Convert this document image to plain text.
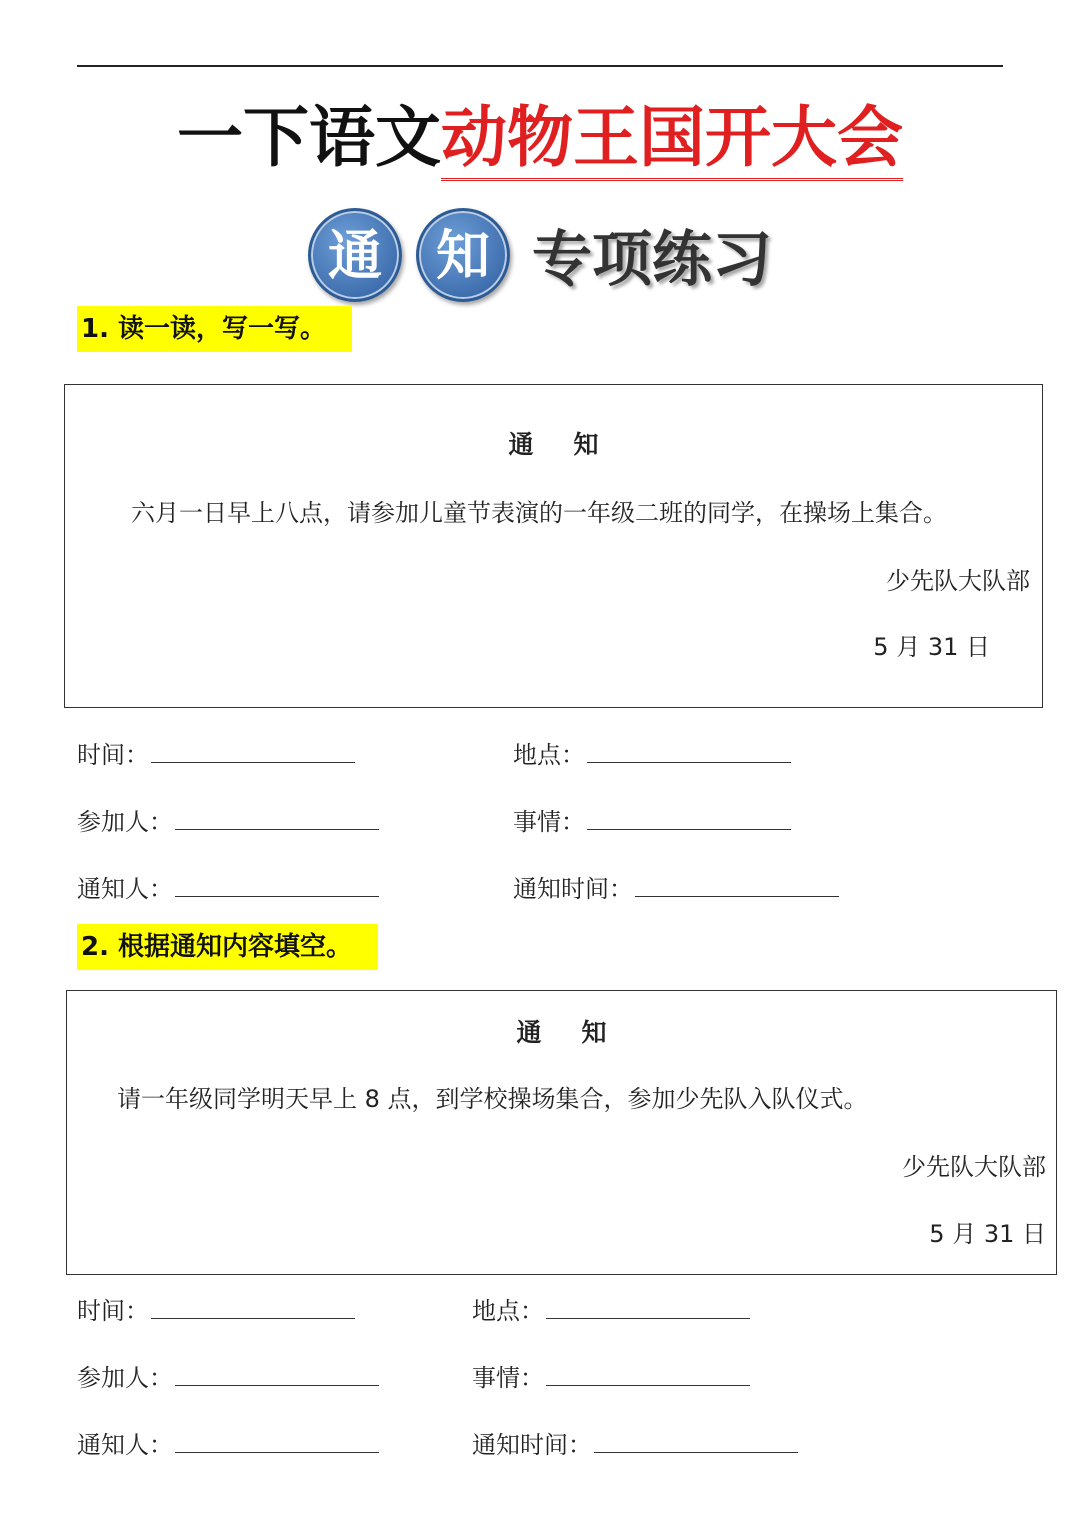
一下语文动物王国开大会
通	知 专项练习
1. 读一读，写一写。
通知
六月一日早上八点，请参加儿童节表演的一年级二班的同学，在操场上集合。
少先队大队部
5 月 31 日
时间：	地点：
参加人：	事情：
通知人：	通知时间：
2. 根据通知内容填空。
通知
请一年级同学明天早上 8 点，到学校操场集合，参加少先队入队仪式。
少先队大队部
5 月 31 日
时间：	地点：
参加人：	事情：
通知人：	通知时间：
